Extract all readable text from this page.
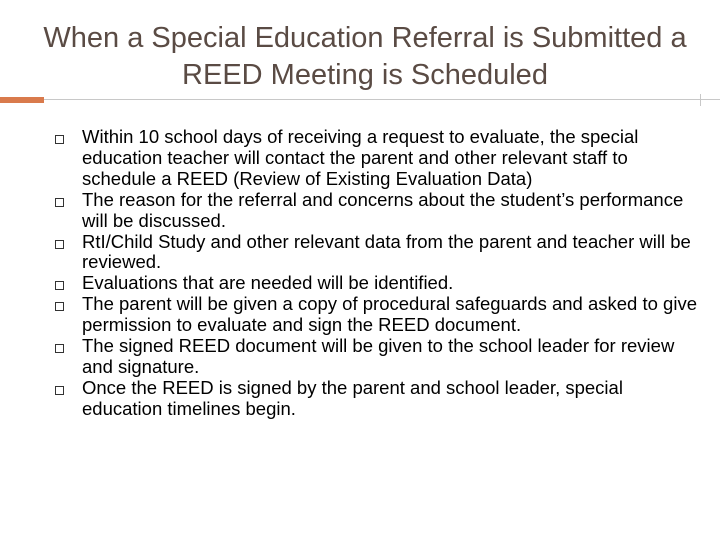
When a Special Education Referral is Submitted a REED Meeting is Scheduled
Within 10 school days of receiving a request to evaluate, the special education teacher will contact the parent and other relevant staff to schedule a REED (Review of Existing Evaluation Data)
The reason for the referral and concerns about the student’s performance will be discussed.
RtI/Child Study and other relevant data from the parent and teacher will be reviewed.
Evaluations that are needed will be identified.
The parent will be given a copy of procedural safeguards and asked to give permission to evaluate and sign the REED document.
The signed REED document will be given to the school leader for review and signature.
Once the REED is signed by the parent and school leader, special education timelines begin.
